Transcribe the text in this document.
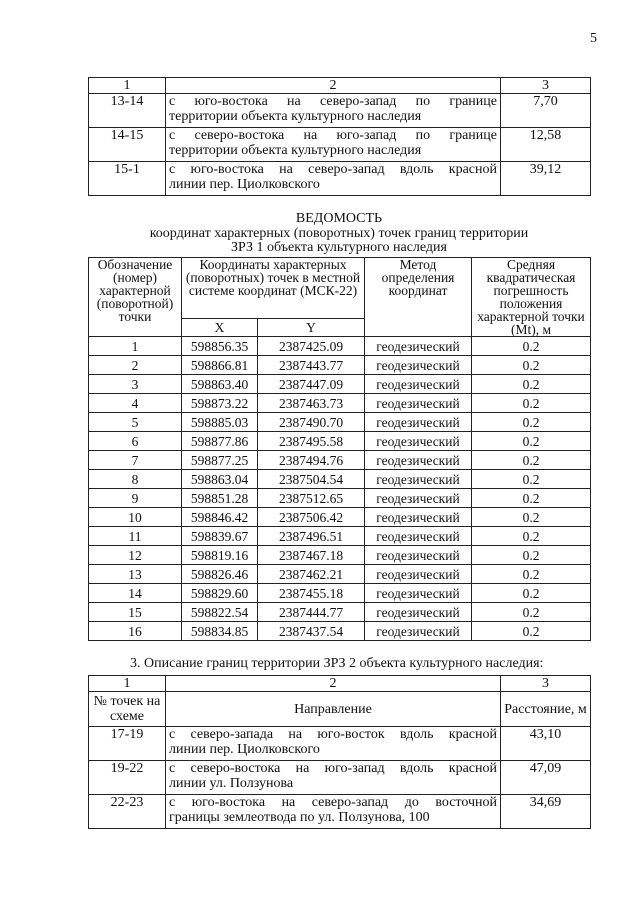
5
1	2	3
13-14	с юго-востока на северо-запад по границе
территории объекта культурного наследия	7,70
14-15	с северо-востока на юго-запад по границе
территории объекта культурного наследия	12,58
15-1	с юго-востока на северо-запад вдоль красной
линии пер. Циолковского	39,12
ВЕДОМОСТЬ
координат характерных (поворотных) точек границ территории
ЗРЗ 1 объекта культурного наследия
Обозначение (номер) характерной (поворотной) точки	Координаты характерных (поворотных) точек в местной системе координат (МСК-22)		Метод определения координат	Средняя квадратическая погрешность положения характерной точки (Mt), м
	X	Y		
1	598856.35	2387425.09	геодезический	0.2
2	598866.81	2387443.77	геодезический	0.2
3	598863.40	2387447.09	геодезический	0.2
4	598873.22	2387463.73	геодезический	0.2
5	598885.03	2387490.70	геодезический	0.2
6	598877.86	2387495.58	геодезический	0.2
7	598877.25	2387494.76	геодезический	0.2
8	598863.04	2387504.54	геодезический	0.2
9	598851.28	2387512.65	геодезический	0.2
10	598846.42	2387506.42	геодезический	0.2
11	598839.67	2387496.51	геодезический	0.2
12	598819.16	2387467.18	геодезический	0.2
13	598826.46	2387462.21	геодезический	0.2
14	598829.60	2387455.18	геодезический	0.2
15	598822.54	2387444.77	геодезический	0.2
16	598834.85	2387437.54	геодезический	0.2
3. Описание границ территории ЗРЗ 2 объекта культурного наследия:
1	2	3
№ точек на схеме	Направление	Расстояние, м
17-19	с северо-запада на юго-восток вдоль красной
линии пер. Циолковского	43,10
19-22	с северо-востока на юго-запад вдоль красной
линии ул. Ползунова	47,09
22-23	с юго-востока на северо-запад до восточной
границы землеотвода по ул. Ползунова, 100	34,69
